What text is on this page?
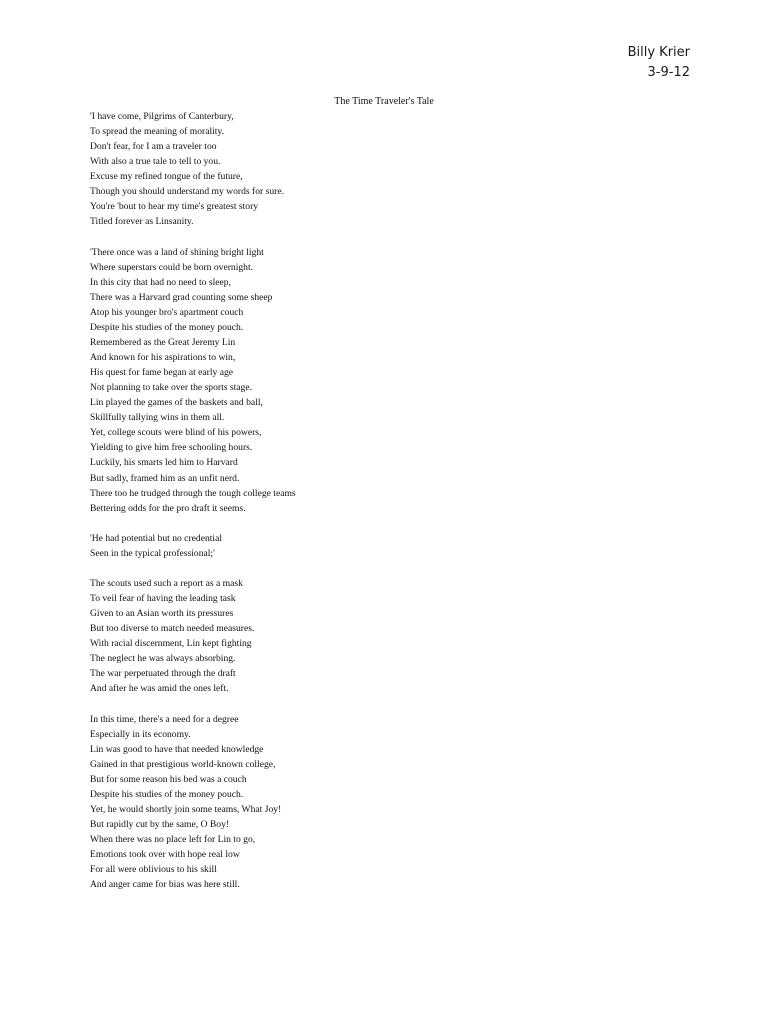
Billy Krier
3-9-12
The Time Traveler's Tale
'I have come, Pilgrims of Canterbury,
To spread the meaning of morality.
Don't fear, for I am a traveler too
With also a true tale to tell to you.
Excuse my refined tongue of the future,
Though you should understand my words for sure.
You're 'bout to hear my time's greatest story
Titled forever as Linsanity.
'There once was a land of shining bright light
Where superstars could be born overnight.
In this city that had no need to sleep,
There was a Harvard grad counting some sheep
Atop his younger bro's apartment couch
Despite his studies of the money pouch.
Remembered as the Great Jeremy Lin
And known for his aspirations to win,
His quest for fame began at early age
Not planning to take over the sports stage.
Lin played the games of the baskets and ball,
Skillfully tallying wins in them all.
Yet, college scouts were blind of his powers,
Yielding to give him free schooling hours.
Luckily, his smarts led him to Harvard
But sadly, framed him as an unfit nerd.
There too he trudged through the tough college teams
Bettering odds for the pro draft it seems.
'He had potential but no credential
Seen in the typical professional;'
The scouts used such a report as a mask
To veil fear of having the leading task
Given to an Asian worth its pressures
But too diverse to match needed measures.
With racial discernment, Lin kept fighting
The neglect he was always absorbing.
The war perpetuated through the draft
And after he was amid the ones left.
In this time, there's a need for a degree
Especially in its economy.
Lin was good to have that needed knowledge
Gained in that prestigious world-known college,
But for some reason his bed was a couch
Despite his studies of the money pouch.
Yet, he would shortly join some teams, What Joy!
But rapidly cut by the same, O Boy!
When there was no place left for Lin to go,
Emotions took over with hope real low
For all were oblivious to his skill
And anger came for bias was here still.
